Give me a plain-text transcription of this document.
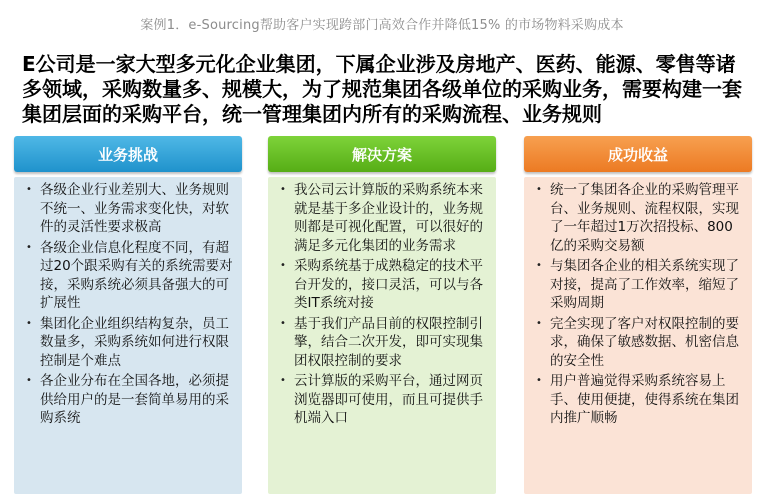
案例1．e-Sourcing帮助客户实现跨部门高效合作并降低15% 的市场物料采购成本
E公司是一家大型多元化企业集团，下属企业涉及房地产、医药、能源、零售等诸多领域，采购数量多、规模大，为了规范集团各级单位的采购业务，需要构建一套集团层面的采购平台，统一管理集团内所有的采购流程、业务规则
业务挑战
• 各级企业行业差别大、业务规则不统一、业务需求变化快，对软件的灵活性要求极高
• 各级企业信息化程度不同，有超过20个跟采购有关的系统需要对接，采购系统必须具备强大的可扩展性
• 集团化企业组织结构复杂，员工数量多，采购系统如何进行权限控制是个难点
• 各企业分布在全国各地，必须提供给用户的是一套简单易用的采购系统
解决方案
• 我公司云计算版的采购系统本来就是基于多企业设计的，业务规则都是可视化配置，可以很好的满足多元化集团的业务需求
• 采购系统基于成熟稳定的技术平台开发的，接口灵活，可以与各类IT系统对接
• 基于我们产品目前的权限控制引擎，结合二次开发，即可实现集团权限控制的要求
• 云计算版的采购平台，通过网页浏览器即可使用，而且可提供手机端入口
成功收益
• 统一了集团各企业的采购管理平台、业务规则、流程权限，实现了一年超过1万次招投标、800亿的采购交易额
• 与集团各企业的相关系统实现了对接，提高了工作效率，缩短了采购周期
• 完全实现了客户对权限控制的要求，确保了敏感数据、机密信息的安全性
• 用户普遍觉得采购系统容易上手、使用便捷，使得系统在集团内推广顺畅
